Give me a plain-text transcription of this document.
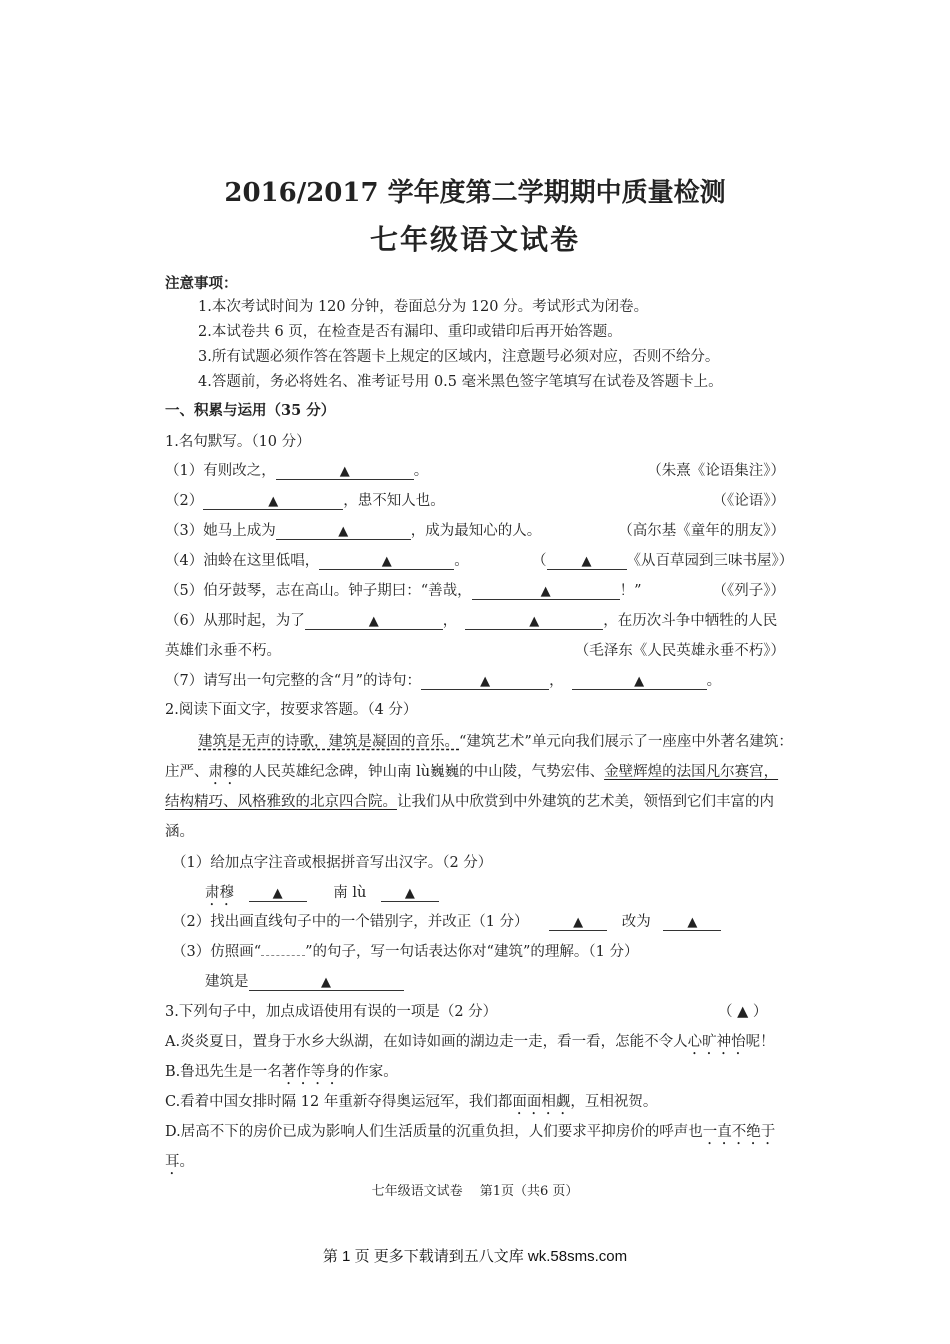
2016/2017 学年度第二学期期中质量检测
七年级语文试卷
注意事项：
1.本次考试时间为 120 分钟，卷面总分为 120 分。考试形式为闭卷。
2.本试卷共 6 页，在检查是否有漏印、重印或错印后再开始答题。
3.所有试题必须作答在答题卡上规定的区域内，注意题号必须对应，否则不给分。
4.答题前，务必将姓名、准考证号用 0.5 毫米黑色签字笔填写在试卷及答题卡上。
一、积累与运用（35 分）
1.名句默写。（10 分）
（1）有则改之，	▲	。	（朱熹《论语集注》）
（2）	▲	，患不知人也。	（《论语》）
（3）她马上成为	▲	，成为最知心的人。	（高尔基《童年的朋友》）
（4）油蛉在这里低唱，	▲	。	（	▲ 《从百草园到三味书屋》）
（5）伯牙鼓琴，志在高山。钟子期曰：“善哉，	▲	！”	（《列子》）
（6）从那时起，为了	▲	，	▲	，在历次斗争中牺牲的人民
英雄们永垂不朽。	（毛泽东《人民英雄永垂不朽》）
（7）请写出一句完整的含“月”的诗句：	▲	，	▲	。
2.阅读下面文字，按要求答题。（4 分）
建筑是无声的诗歌，建筑是凝固的音乐。“建筑艺术”单元向我们展示了一座座中外著名建筑：
庄严、肃穆的人民英雄纪念碑，钟山南 lù巍巍的中山陵，气势宏伟、金壁辉煌的法国凡尔赛宫，
结构精巧、风格雅致的北京四合院。让我们从中欣赏到中外建筑的艺术美，领悟到它们丰富的内
涵。
（1）给加点字注音或根据拼音写出汉字。（2 分）
肃穆	▲	南 lù	▲
（2）找出画直线句子中的一个错别字，并改正（1 分）	▲	改为	▲
（3）仿照画“	”的句子，写一句话表达你对“建筑”的理解。（1 分）
建筑是	▲
3.下列句子中，加点成语使用有误的一项是（2 分）	（ ▲ ）
A.炎炎夏日，置身于水乡大纵湖，在如诗如画的湖边走一走，看一看，怎能不令人心旷神怡呢！
B.鲁迅先生是一名著作等身的作家。
C.看着中国女排时隔 12 年重新夺得奥运冠军，我们都面面相觑，互相祝贺。
D.居高不下的房价已成为影响人们生活质量的沉重负担，人们要求平抑房价的呼声也一直不绝于
耳。
七年级语文试卷　 第1页（共6 页）
第 1 页 更多下载请到五八文库 wk.58sms.com
